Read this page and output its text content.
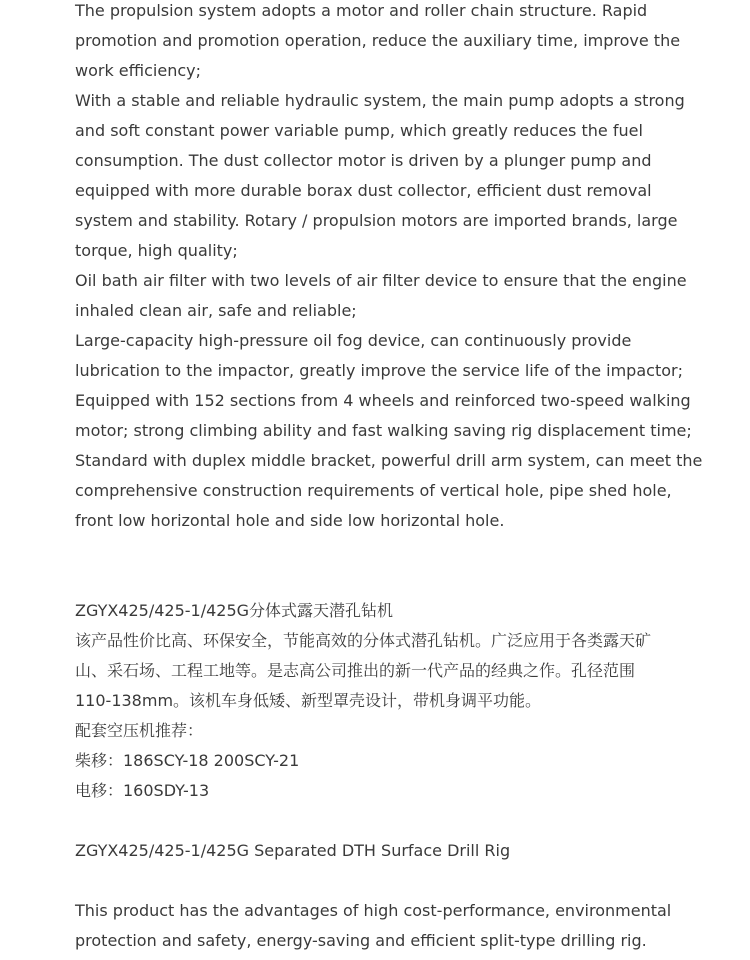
The propulsion system adopts a motor and roller chain structure. Rapid
promotion and promotion operation, reduce the auxiliary time, improve the
work efficiency;
With a stable and reliable hydraulic system, the main pump adopts a strong
and soft constant power variable pump, which greatly reduces the fuel
consumption. The dust collector motor is driven by a plunger pump and
equipped with more durable borax dust collector, efficient dust removal
system and stability. Rotary / propulsion motors are imported brands, large
torque, high quality;
Oil bath air filter with two levels of air filter device to ensure that the engine
inhaled clean air, safe and reliable;
Large-capacity high-pressure oil fog device, can continuously provide
lubrication to the impactor, greatly improve the service life of the impactor;
Equipped with 152 sections from 4 wheels and reinforced two-speed walking
motor; strong climbing ability and fast walking saving rig displacement time;
Standard with duplex middle bracket, powerful drill arm system, can meet the
comprehensive construction requirements of vertical hole, pipe shed hole,
front low horizontal hole and side low horizontal hole.
ZGYX425/425-1/425G分体式露天潜孔钻机
该产品性价比高、环保安全，节能高效的分体式潜孔钻机。广泛应用于各类露天矿
山、采石场、工程工地等。是志高公司推出的新一代产品的经典之作。孔径范围
110-138mm。该机车身低矮、新型罩壳设计，带机身调平功能。
配套空压机推荐：
柴移：186SCY-18 200SCY-21
电移：160SDY-13
ZGYX425/425-1/425G Separated DTH Surface Drill Rig
This product has the advantages of high cost-performance, environmental
protection and safety, energy-saving and efficient split-type drilling rig.
